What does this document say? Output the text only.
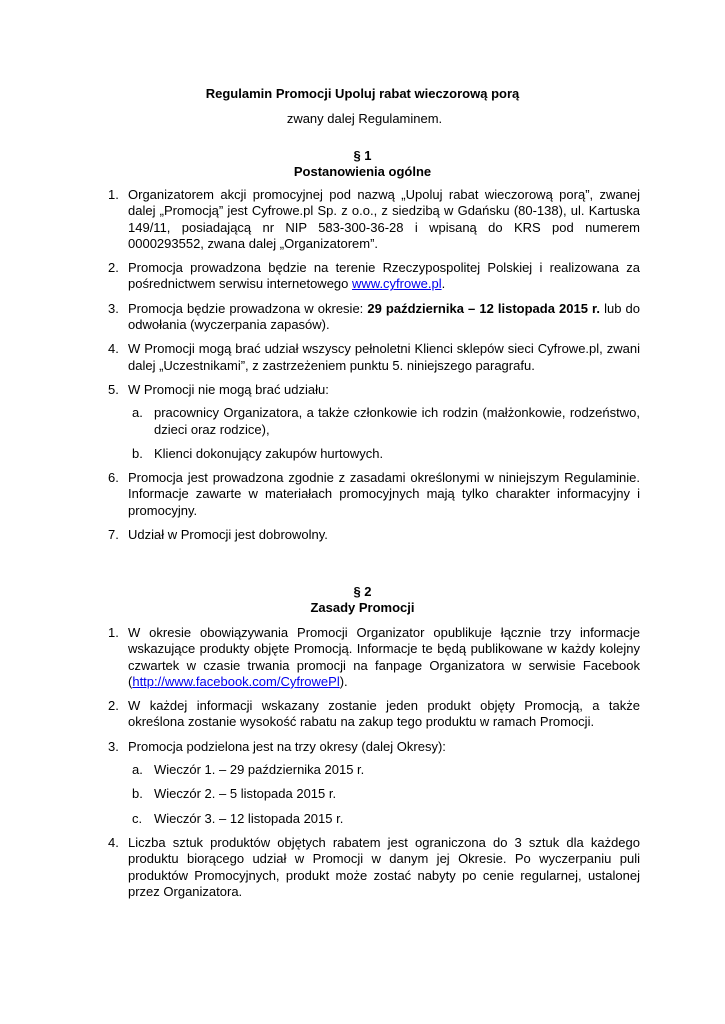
Regulamin Promocji Upoluj rabat wieczorową porą
zwany dalej Regulaminem.
§ 1
Postanowienia ogólne
1. Organizatorem akcji promocyjnej pod nazwą „Upoluj rabat wieczorową porą”, zwanej dalej „Promocją” jest Cyfrowe.pl Sp. z o.o., z siedzibą w Gdańsku (80-138), ul. Kartuska 149/11, posiadającą nr NIP 583-300-36-28 i wpisaną do KRS pod numerem 0000293552, zwana dalej „Organizatorem”.
2. Promocja prowadzona będzie na terenie Rzeczypospolitej Polskiej i realizowana za pośrednictwem serwisu internetowego www.cyfrowe.pl.
3. Promocja będzie prowadzona w okresie: 29 października – 12 listopada 2015 r. lub do odwołania (wyczerpania zapasów).
4. W Promocji mogą brać udział wszyscy pełnoletni Klienci sklepów sieci Cyfrowe.pl, zwani dalej „Uczestnikami”, z zastrzeżeniem punktu 5. niniejszego paragrafu.
5. W Promocji nie mogą brać udziału:
a. pracownicy Organizatora, a także członkowie ich rodzin (małżonkowie, rodzeństwo, dzieci oraz rodzice),
b. Klienci dokonujący zakupów hurtowych.
6. Promocja jest prowadzona zgodnie z zasadami określonymi w niniejszym Regulaminie. Informacje zawarte w materiałach promocyjnych mają tylko charakter informacyjny i promocyjny.
7. Udział w Promocji jest dobrowolny.
§ 2
Zasady Promocji
1. W okresie obowiązywania Promocji Organizator opublikuje łącznie trzy informacje wskazujące produkty objęte Promocją. Informacje te będą publikowane w każdy kolejny czwartek w czasie trwania promocji na fanpage Organizatora w serwisie Facebook (http://www.facebook.com/CyfrowePl).
2. W każdej informacji wskazany zostanie jeden produkt objęty Promocją, a także określona zostanie wysokość rabatu na zakup tego produktu w ramach Promocji.
3. Promocja podzielona jest na trzy okresy (dalej Okresy):
a. Wieczór 1. – 29 października 2015 r.
b. Wieczór 2. – 5 listopada 2015 r.
c. Wieczór 3. – 12 listopada 2015 r.
4. Liczba sztuk produktów objętych rabatem jest ograniczona do 3 sztuk dla każdego produktu biorącego udział w Promocji w danym jej Okresie. Po wyczerpaniu puli produktów Promocyjnych, produkt może zostać nabyty po cenie regularnej, ustalonej przez Organizatora.
